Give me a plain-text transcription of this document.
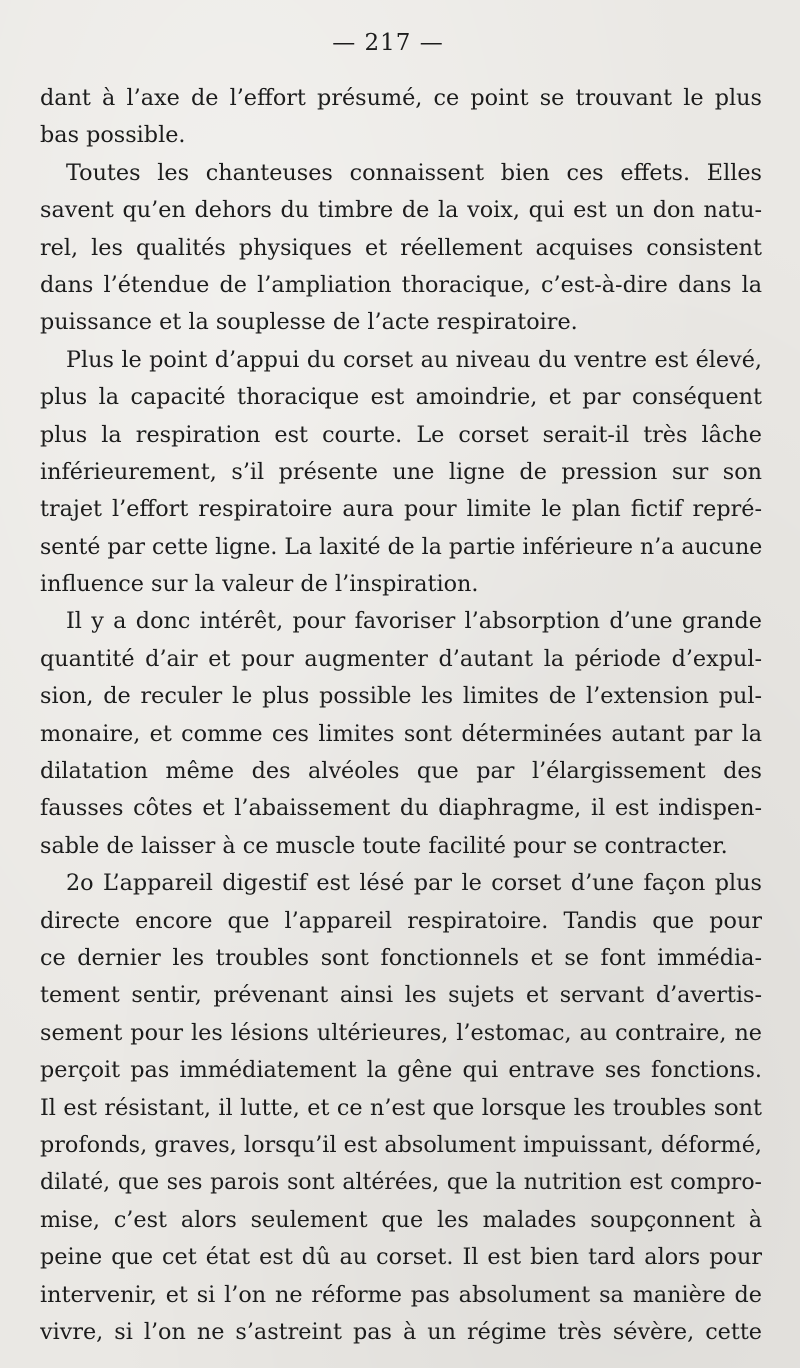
— 217 —
dant à l’axe de l’effort présumé, ce point se trouvant le plus
bas possible.
Toutes les chanteuses connaissent bien ces effets. Elles
savent qu’en dehors du timbre de la voix, qui est un don natu-
rel, les qualités physiques et réellement acquises consistent
dans l’étendue de l’ampliation thoracique, c’est-à-dire dans la
puissance et la souplesse de l’acte respiratoire.
Plus le point d’appui du corset au niveau du ventre est élevé,
plus la capacité thoracique est amoindrie, et par conséquent
plus la respiration est courte. Le corset serait-il très lâche
inférieurement, s’il présente une ligne de pression sur son
trajet l’effort respiratoire aura pour limite le plan fictif repré-
senté par cette ligne. La laxité de la partie inférieure n’a aucune
influence sur la valeur de l’inspiration.
Il y a donc intérêt, pour favoriser l’absorption d’une grande
quantité d’air et pour augmenter d’autant la période d’expul-
sion, de reculer le plus possible les limites de l’extension pul-
monaire, et comme ces limites sont déterminées autant par la
dilatation même des alvéoles que par l’élargissement des
fausses côtes et l’abaissement du diaphragme, il est indispen-
sable de laisser à ce muscle toute facilité pour se contracter.
2o L’appareil digestif est lésé par le corset d’une façon plus
directe encore que l’appareil respiratoire. Tandis que pour
ce dernier les troubles sont fonctionnels et se font immédia-
tement sentir, prévenant ainsi les sujets et servant d’avertis-
sement pour les lésions ultérieures, l’estomac, au contraire, ne
perçoit pas immédiatement la gêne qui entrave ses fonctions.
Il est résistant, il lutte, et ce n’est que lorsque les troubles sont
profonds, graves, lorsqu’il est absolument impuissant, déformé,
dilaté, que ses parois sont altérées, que la nutrition est compro-
mise, c’est alors seulement que les malades soupçonnent à
peine que cet état est dû au corset. Il est bien tard alors pour
intervenir, et si l’on ne réforme pas absolument sa manière de
vivre, si l’on ne s’astreint pas à un régime très sévère, cette
